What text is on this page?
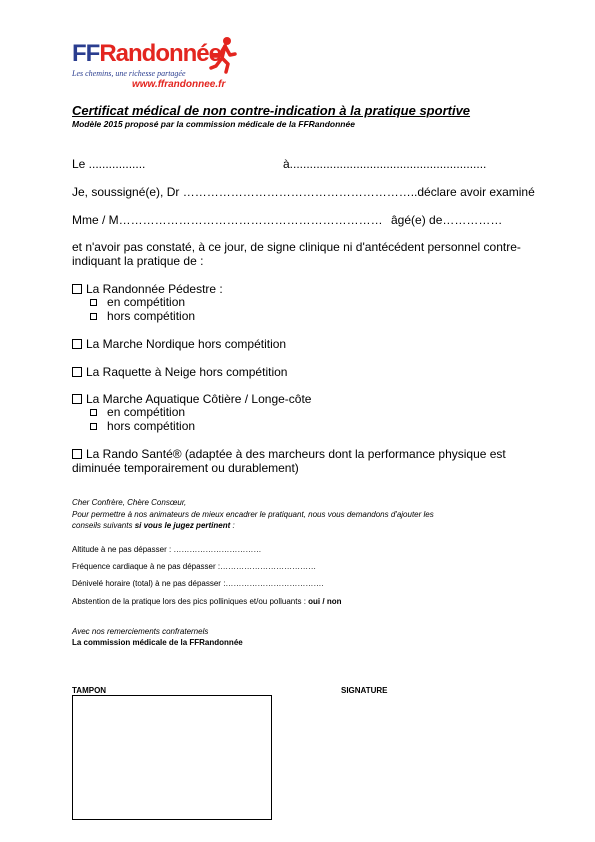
FFRandonnée
Les chemins, une richesse partagée
www.ffrandonnee.fr
Certificat médical de non contre-indication à la pratique sportive
Modèle 2015 proposé par la commission médicale de la FFRandonnée
Le .................	à...........................................................
Je, soussigné(e), Dr …………………………………………………..déclare avoir examiné
Mme / M………………………………………………………… âgé(e) de……………
et n'avoir pas constaté, à ce jour, de signe clinique ni d'antécédent personnel contre-
indiquant la pratique de :
La Randonnée Pédestre :
en compétition
hors compétition
La Marche Nordique hors compétition
La Raquette à Neige hors compétition
La Marche Aquatique Côtière / Longe-côte
en compétition
hors compétition
La Rando Santé® (adaptée à des marcheurs dont la performance physique est
diminuée temporairement ou durablement)
Cher Confrère, Chère Consœur,
Pour permettre à nos animateurs de mieux encadrer le pratiquant, nous vous demandons d'ajouter les
conseils suivants si vous le jugez pertinent :
Altitude à ne pas dépasser : ……………………………
Fréquence cardiaque à ne pas dépasser :………………………………
Dénivelé horaire (total) à ne pas dépasser :……………………………….
Abstention de la pratique lors des pics polliniques et/ou polluants : oui / non
Avec nos remerciements confraternels
La commission médicale de la FFRandonnée
TAMPON	SIGNATURE
